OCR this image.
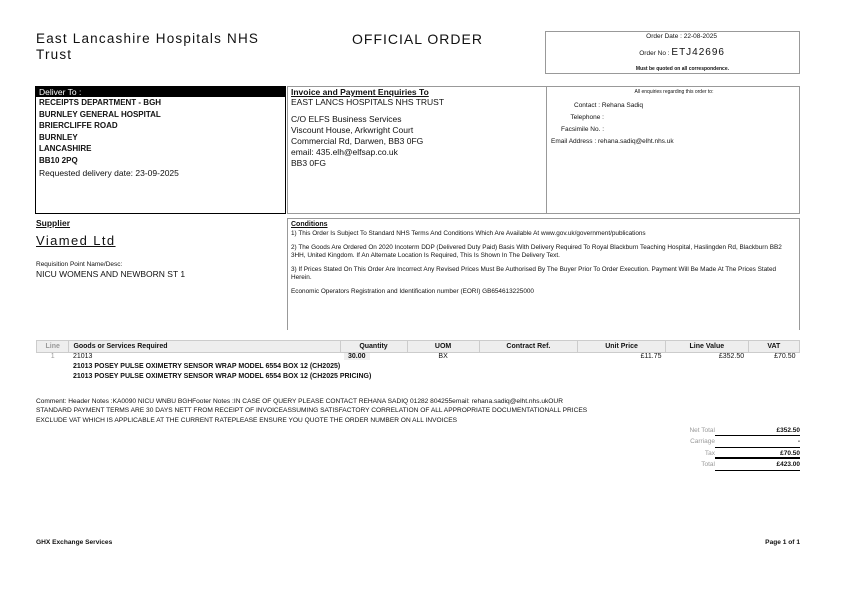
East Lancashire Hospitals NHS Trust
OFFICIAL ORDER	Order Date : 22-08-2025
Order No : ETJ42696
Must be quoted on all correspondence.
Deliver To :
RECEIPTS DEPARTMENT - BGH
BURNLEY GENERAL HOSPITAL
BRIERCLIFFE ROAD
BURNLEY
LANCASHIRE
BB10 2PQ
Requested delivery date: 23-09-2025
Invoice and Payment Enquiries To
EAST LANCS HOSPITALS NHS TRUST
C/O ELFS Business Services
Viscount House, Arkwright Court
Commercial Rd, Darwen, BB3 0FG
email: 435.elh@elfsap.co.uk
BB3 0FG
All enquiries regarding this order to:
Contact : Rehana Sadiq
Telephone :
Facsimile No. :
Email Address : rehana.sadiq@elht.nhs.uk
Supplier
Viamed Ltd
Requisition Point Name/Desc:
NICU WOMENS AND NEWBORN ST 1
Conditions

1) This Order Is Subject To Standard NHS Terms And Conditions Which Are Available At www.gov.uk/government/publications

2) The Goods Are Ordered On 2020 Incoterm DDP (Delivered Duty Paid) Basis With Delivery Required To Royal Blackburn Teaching Hospital, Haslingden Rd, Blackburn BB2 3HH, United Kingdom. If An Alternate Location Is Required, This Is Shown In The Delivery Text.

3) If Prices Stated On This Order Are Incorrect Any Revised Prices Must Be Authorised By The Buyer Prior To Order Execution. Payment Will Be Made At The Prices Stated Herein.

Economic Operators Registration and Identification number (EORI) GB654613225000

Line	Goods or Services Required	Quantity	UOM	Contract Ref.	Unit Price	Line Value	VAT
1	21013	30.00	BX		£11.75	£352.50	£70.50
	21013 POSEY PULSE OXIMETRY SENSOR WRAP MODEL 6554 BOX 12 (CH2025)						
	21013 POSEY PULSE OXIMETRY SENSOR WRAP MODEL 6554 BOX 12 (CH2025 PRICING)						
Comment: Header Notes :KA0090 NICU WNBU BGHFooter Notes :IN CASE OF QUERY PLEASE CONTACT REHANA SADIQ 01282 804255email: rehana.sadiq@elht.nhs.ukOUR
STANDARD PAYMENT TERMS ARE 30 DAYS NETT FROM RECEIPT OF INVOICEASSUMING SATISFACTORY CORRELATION OF ALL APPROPRIATE DOCUMENTATIONALL PRICES
EXCLUDE VAT WHICH IS APPLICABLE AT THE CURRENT RATEPLEASE ENSURE YOU QUOTE THE ORDER NUMBER ON ALL INVOICES
Net Total	£352.50
Carriage	-
Tax	£70.50
Total	£423.00
GHX Exchange Services	Page 1 of 1
